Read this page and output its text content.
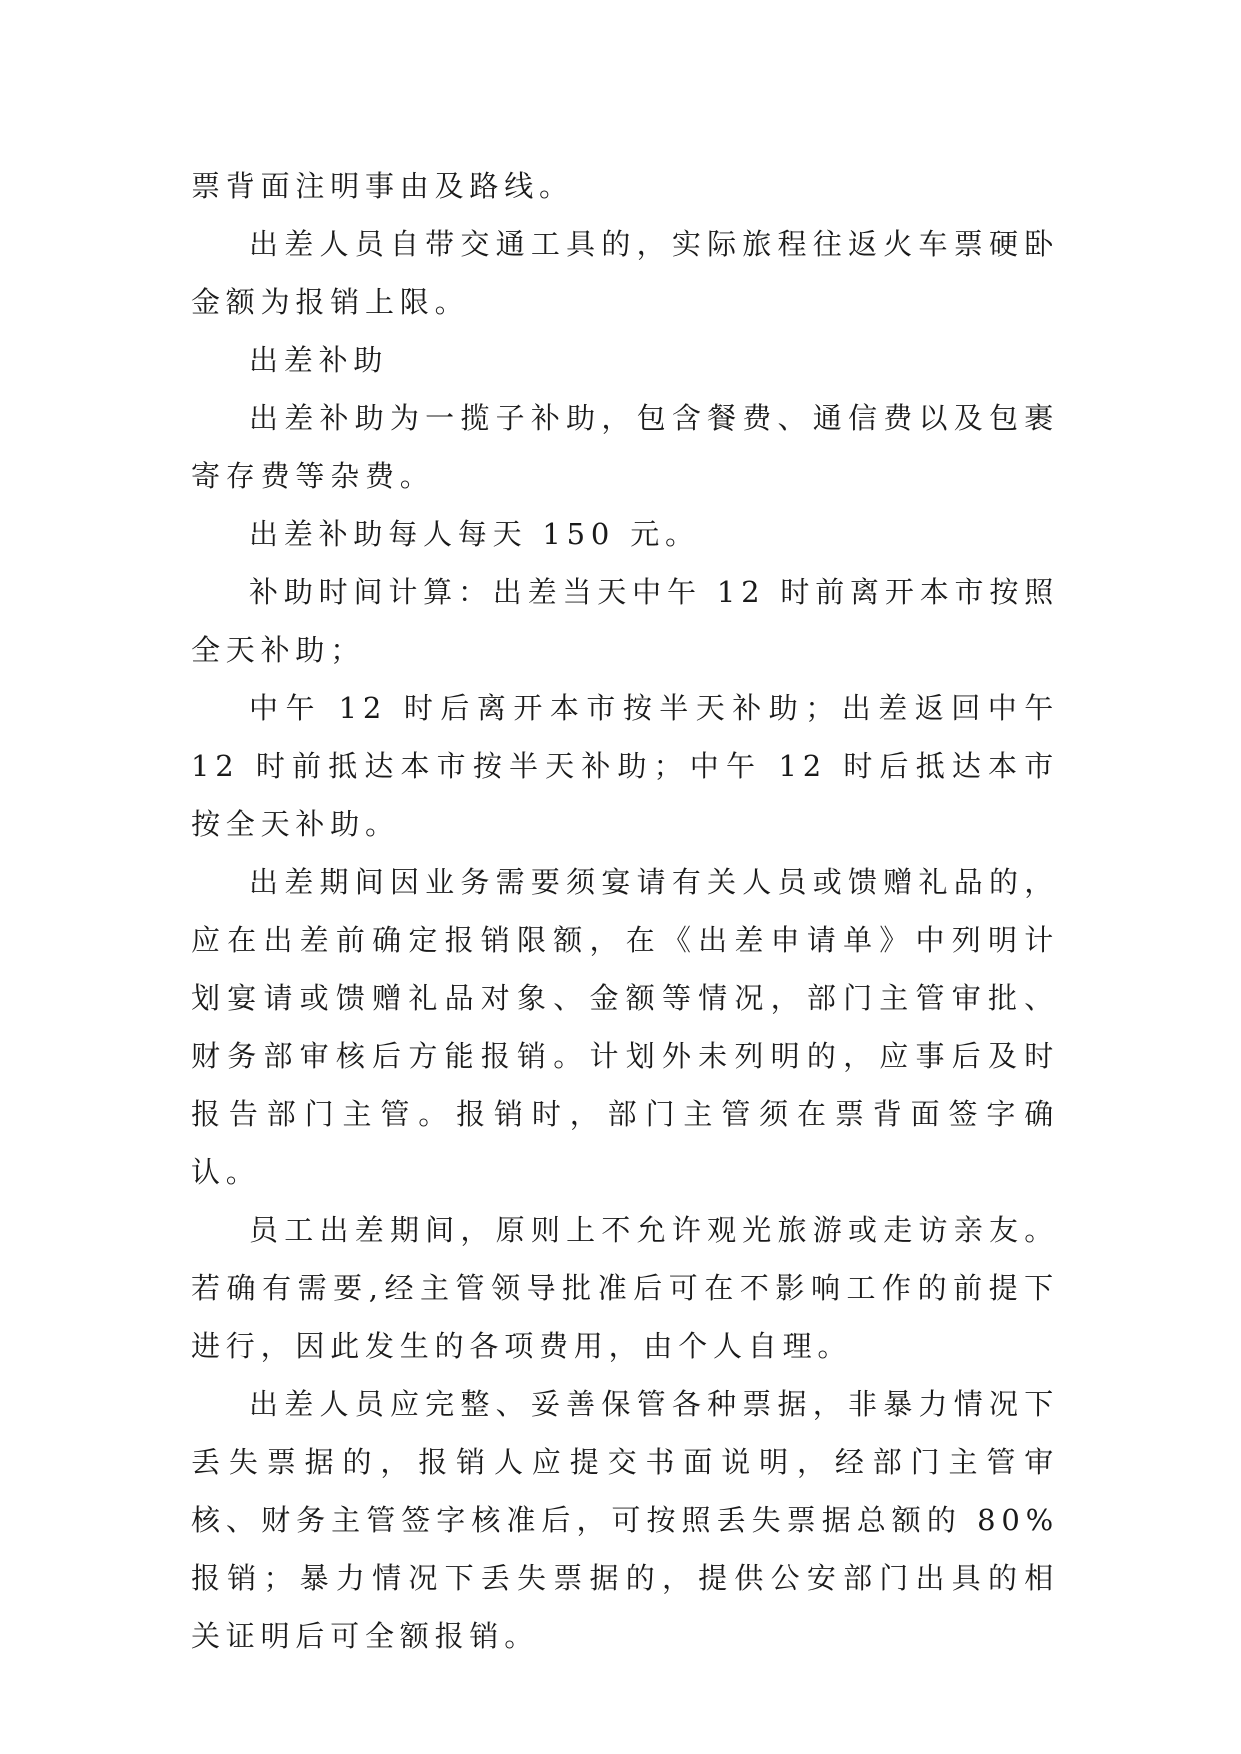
票背面注明事由及路线。

出差人员自带交通工具的，实际旅程往返火车票硬卧金额为报销上限。

出差补助

出差补助为一揽子补助，包含餐费、通信费以及包裹寄存费等杂费。

出差补助每人每天 150 元。

补助时间计算：出差当天中午 12 时前离开本市按照全天补助；

中午 12 时后离开本市按半天补助；出差返回中午 12 时前抵达本市按半天补助；中午 12 时后抵达本市按全天补助。

出差期间因业务需要须宴请有关人员或馈赠礼品的，应在出差前确定报销限额，在《出差申请单》中列明计划宴请或馈赠礼品对象、金额等情况，部门主管审批、财务部审核后方能报销。计划外未列明的，应事后及时报告部门主管。报销时，部门主管须在票背面签字确认。

员工出差期间，原则上不允许观光旅游或走访亲友。若确有需要,经主管领导批准后可在不影响工作的前提下进行，因此发生的各项费用，由个人自理。

出差人员应完整、妥善保管各种票据，非暴力情况下丢失票据的，报销人应提交书面说明，经部门主管审核、财务主管签字核准后，可按照丢失票据总额的 80%报销；暴力情况下丢失票据的，提供公安部门出具的相关证明后可全额报销。
